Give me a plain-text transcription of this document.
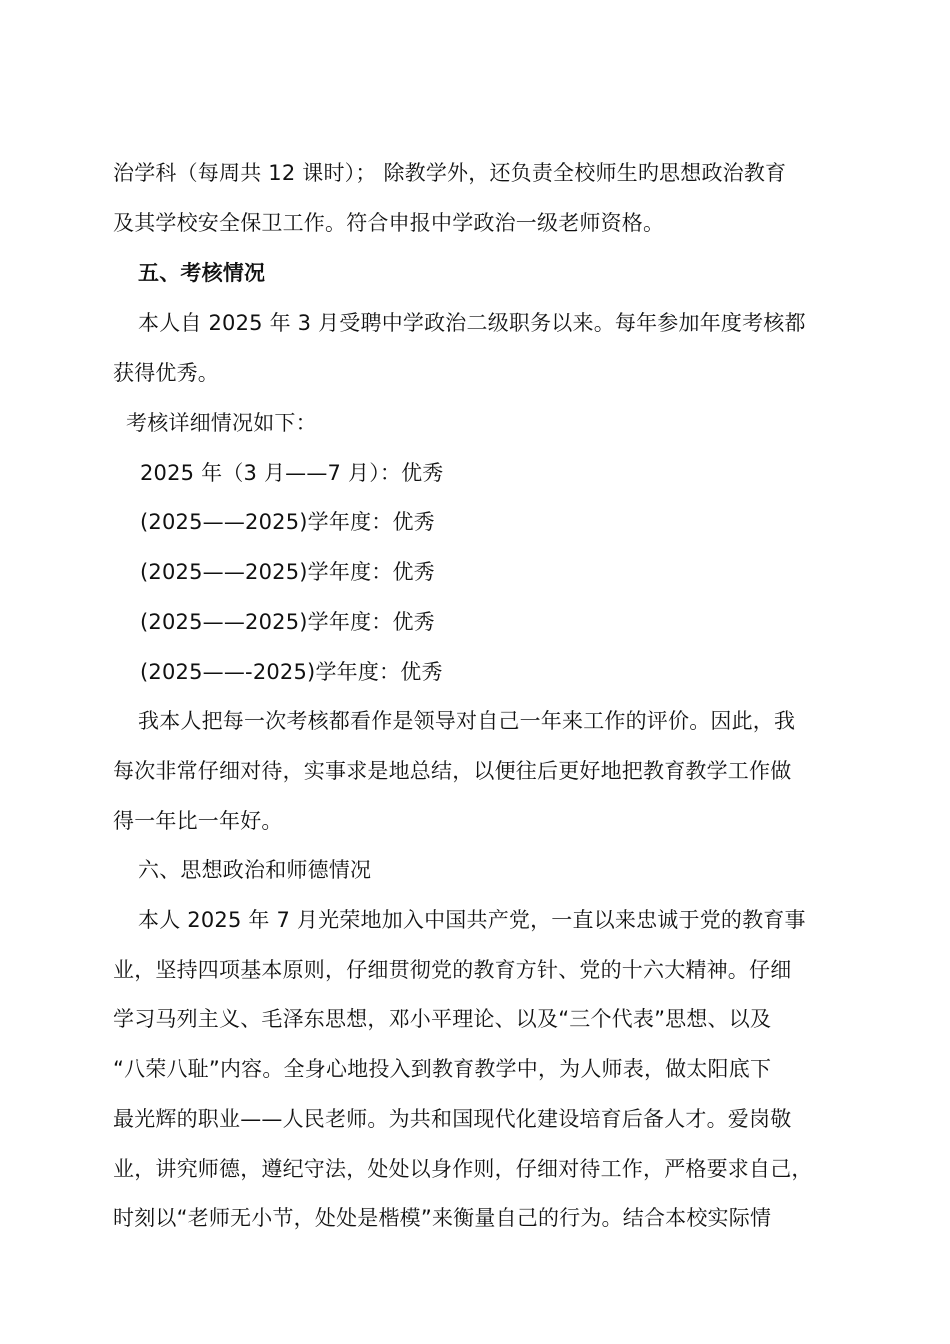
治学科（每周共 12 课时）； 除教学外，还负责全校师生旳思想政治教育
及其学校安全保卫工作。符合申报中学政治一级老师资格。
五、考核情况
本人自 2025 年 3 月受聘中学政治二级职务以来。每年参加年度考核都
获得优秀。
考核详细情况如下：
2025 年（3 月——7 月）：优秀
(2025——2025)学年度：优秀
(2025——2025)学年度：优秀
(2025——2025)学年度：优秀
(2025——-2025)学年度：优秀
我本人把每一次考核都看作是领导对自己一年来工作的评价。因此，我
每次非常仔细对待，实事求是地总结，以便往后更好地把教育教学工作做
得一年比一年好。
六、思想政治和师德情况
本人 2025 年 7 月光荣地加入中国共产党，一直以来忠诚于党的教育事
业，坚持四项基本原则，仔细贯彻党的教育方针、党的十六大精神。仔细
学习马列主义、毛泽东思想，邓小平理论、以及“三个代表”思想、以及
“八荣八耻”内容。全身心地投入到教育教学中，为人师表，做太阳底下
最光辉的职业——人民老师。为共和国现代化建设培育后备人才。爱岗敬
业，讲究师德，遵纪守法，处处以身作则，仔细对待工作，严格要求自己，
时刻以“老师无小节，处处是楷模”来衡量自己的行为。结合本校实际情
